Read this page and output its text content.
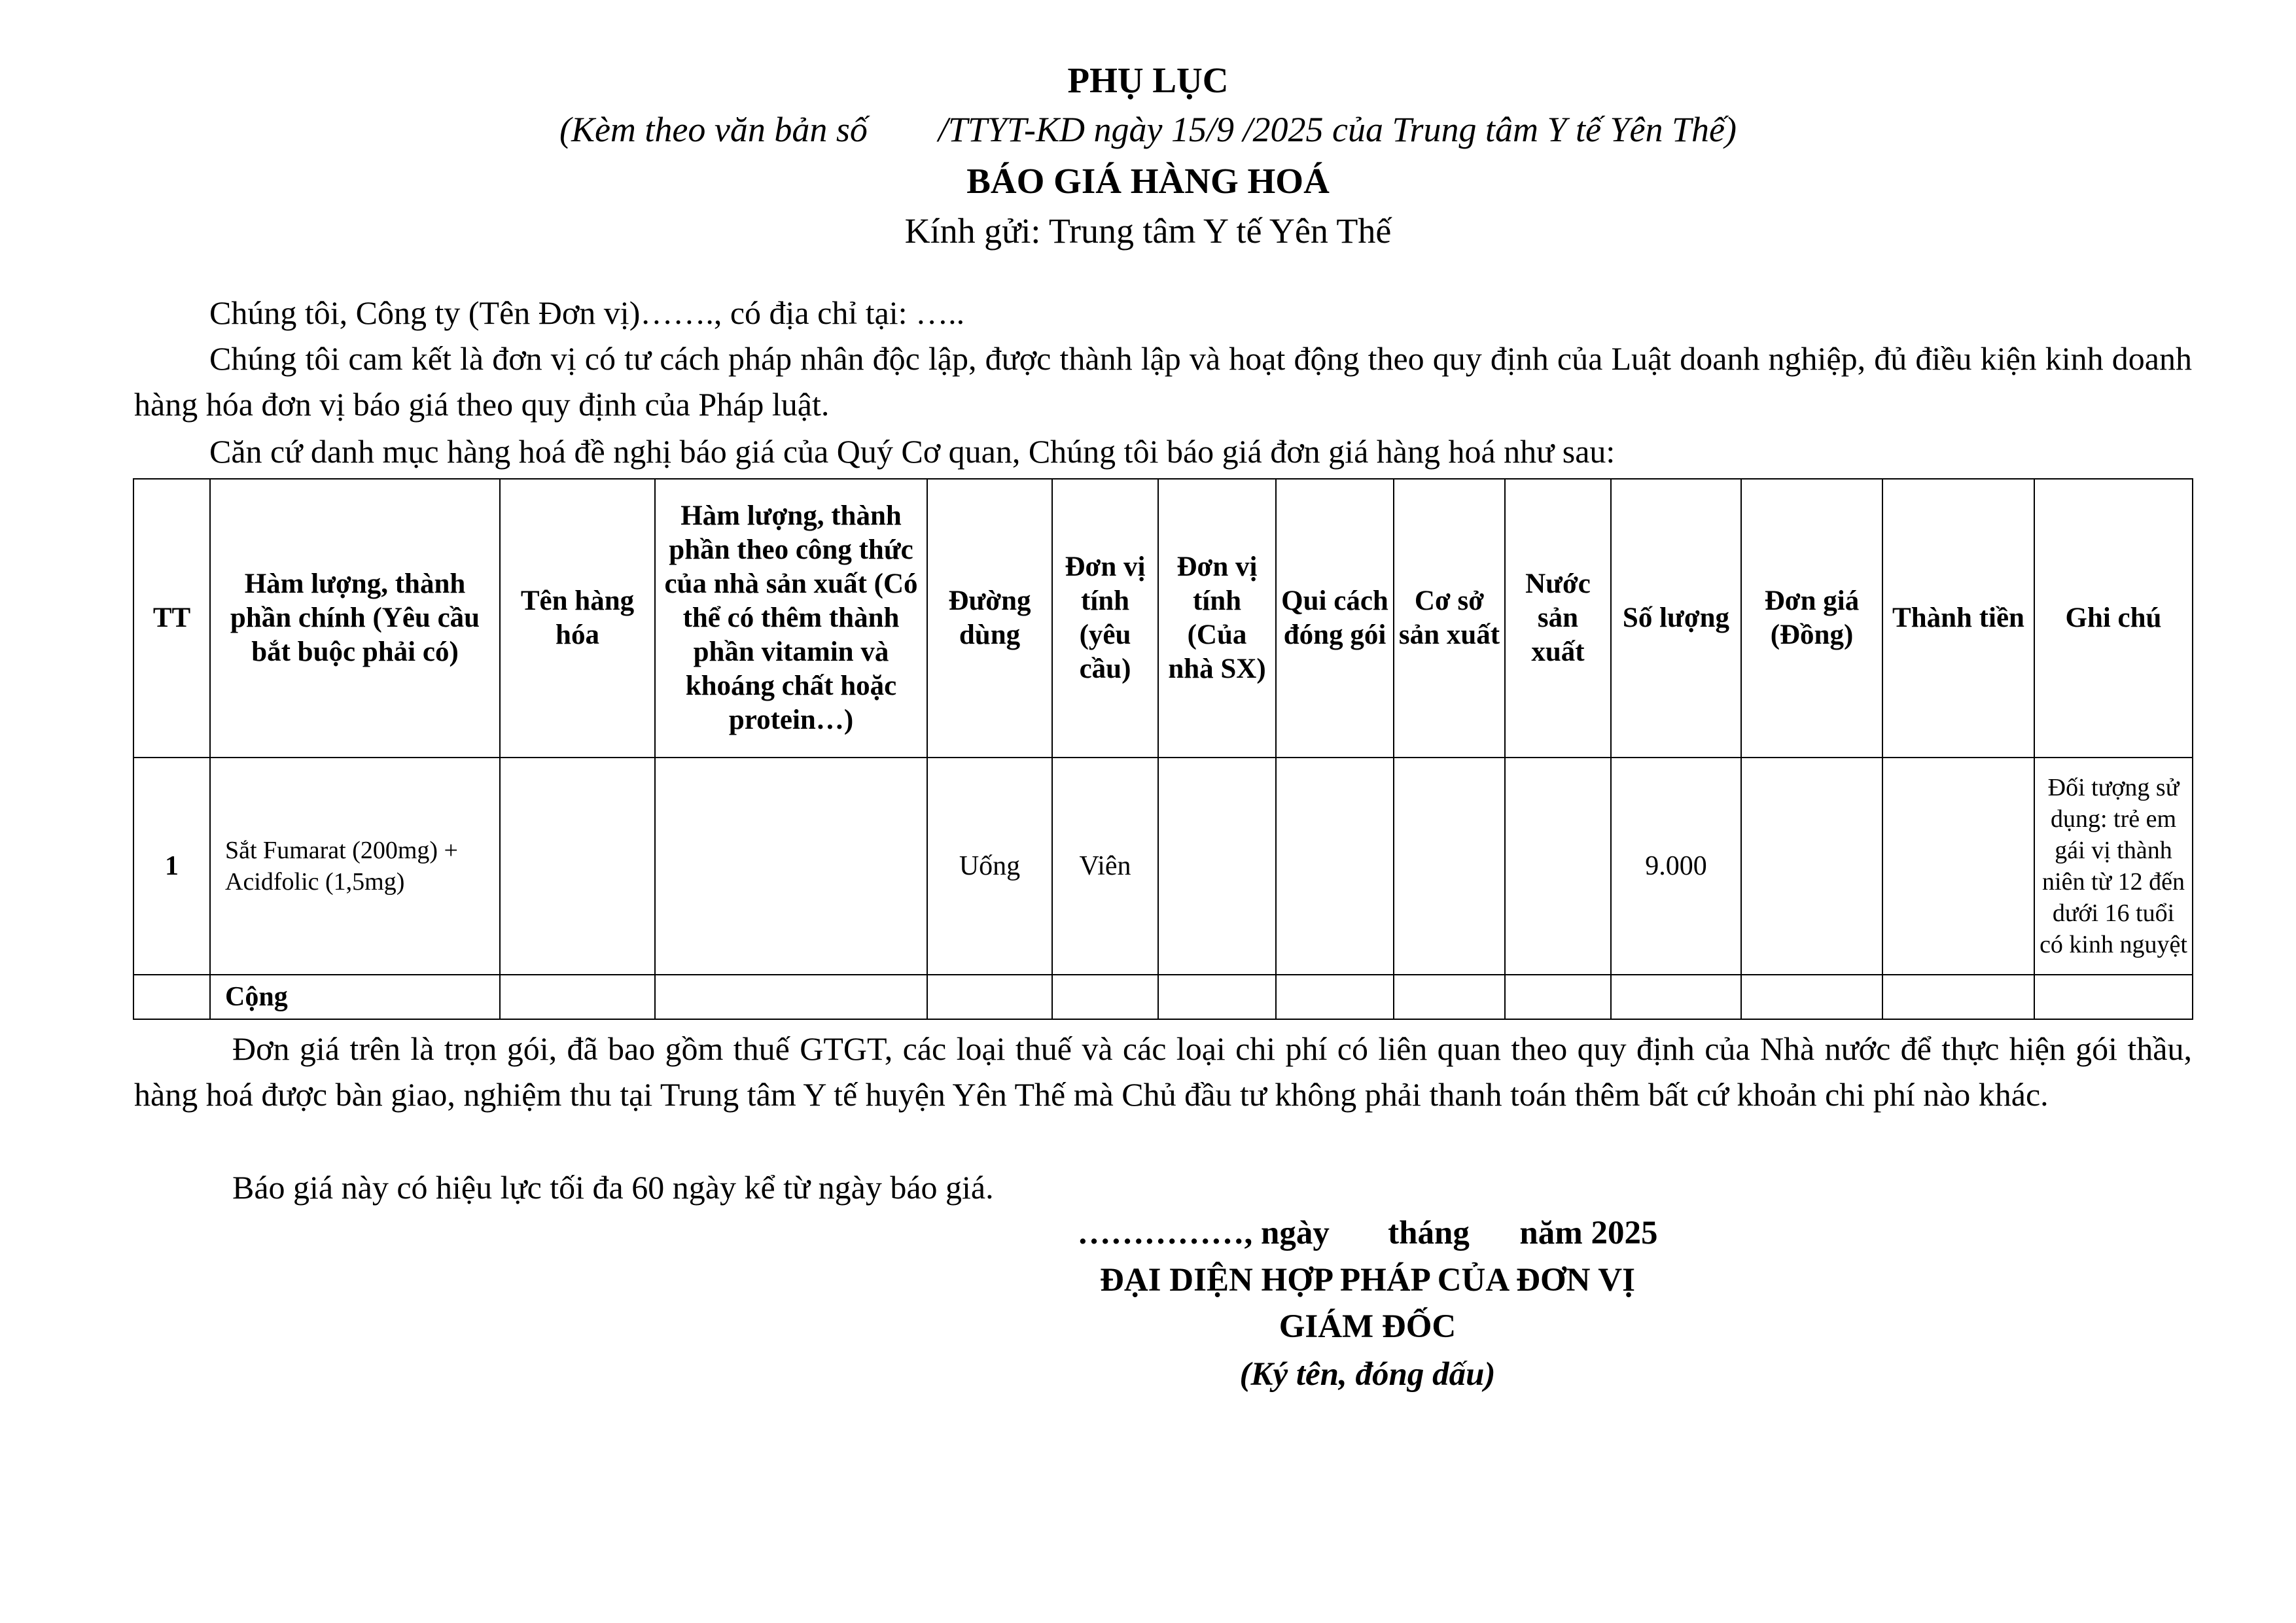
PHỤ LỤC
(Kèm theo văn bản số        /TTYT-KD ngày 15/9 /2025 của Trung tâm Y tế Yên Thế)
BÁO GIÁ HÀNG HOÁ
Kính gửi: Trung tâm Y tế Yên Thế
Chúng tôi, Công ty (Tên Đơn vị)……., có địa chỉ tại: …..
Chúng tôi cam kết là đơn vị có tư cách pháp nhân độc lập, được thành lập và hoạt động theo quy định của Luật doanh nghiệp, đủ điều kiện kinh doanh hàng hóa đơn vị báo giá theo quy định của Pháp luật.
Căn cứ danh mục hàng hoá đề nghị báo giá của Quý Cơ quan, Chúng tôi báo giá đơn giá hàng hoá như sau:
TT	Hàm lượng, thành phần chính (Yêu cầu bắt buộc phải có)	Tên hàng hóa	Hàm lượng, thành phần theo công thức của nhà sản xuất (Có thể có thêm thành phần vitamin và khoáng chất hoặc protein…)	Đường dùng	Đơn vị tính (yêu cầu)	Đơn vị tính (Của nhà SX)	Qui cách đóng gói	Cơ sở sản xuất	Nước sản xuất	Số lượng	Đơn giá (Đồng)	Thành tiền	Ghi chú
1	Sắt Fumarat (200mg) + Acidfolic (1,5mg)			Uống	Viên					9.000			Đối tượng sử dụng: trẻ em gái vị thành niên từ 12 đến dưới 16 tuổi có kinh nguyệt
	Cộng												
Đơn giá trên là trọn gói, đã bao gồm thuế GTGT, các loại thuế và các loại chi phí có liên quan theo quy định của Nhà nước để thực hiện gói thầu, hàng hoá được bàn giao, nghiệm thu tại Trung tâm Y tế huyện Yên Thế mà Chủ đầu tư không phải thanh toán thêm bất cứ khoản chi phí nào khác.
Báo giá này có hiệu lực tối đa 60 ngày kể từ ngày báo giá.
……………, ngày       tháng      năm 2025
ĐẠI DIỆN HỢP PHÁP CỦA ĐƠN VỊ
GIÁM ĐỐC
(Ký tên, đóng dấu)
